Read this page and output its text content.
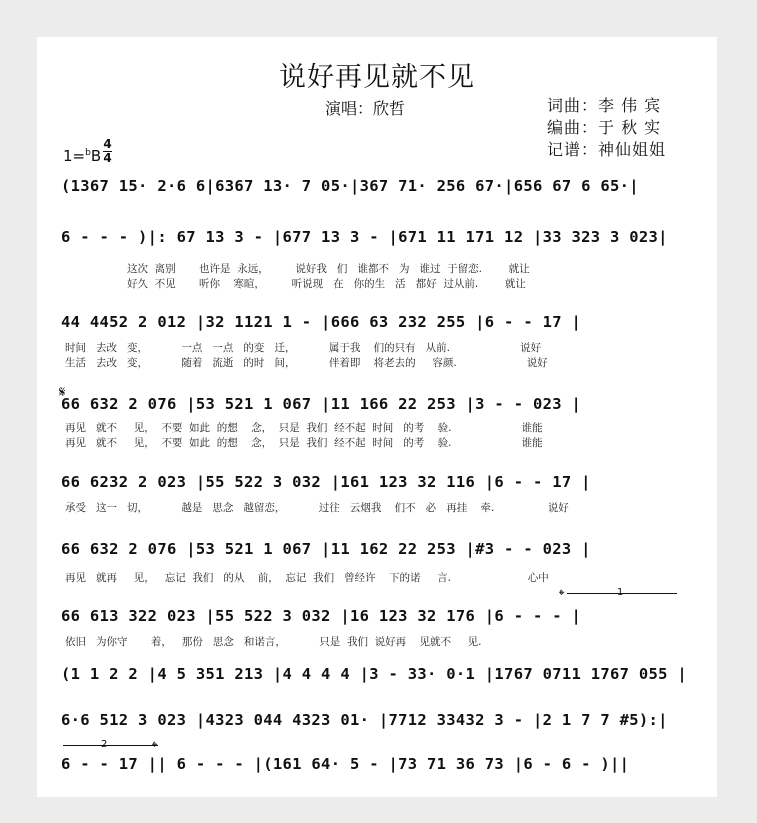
说好再见就不见
演唱：欣哲	词曲：李 伟 宾
编曲：于 秋 实
记谱：神仙姐姐
1=$^b$B
4
4
(1367 15· 2·6 6|6367 13· 7 05·|367 71· 256 67·|656 67 6 65·|
6 - - - )|: 67 13 3 - |677 13 3 - |671 11 171 12 |33 323 3 023|
这次  离别       也许是  永远，        说好我   们   谁都不   为   谁过  于留恋.        就让
好久  不见       听你    寒暄，        听说现   在   你的生   活   都好  过从前.        就让
44 4452 2 012 |32 1121 1 - |666 63 232 255 |6 - - 17 |
时间   去改   变，          一点   一点   的变   迁，          属于我    们的只有   从前.                     说好
生活   去改   变，          随着   流逝   的时   间，          伴着即    将老去的     容颜.                     说好
𝄋
66 632 2 076 |53 521 1 067 |11 166 22 253 |3 - - 023 |
再见   就不     见，  不要  如此  的想    念，  只是  我们  经不起  时间   的考    验.                     谁能
再见   就不     见，  不要  如此  的想    念，  只是  我们  经不起  时间   的考    验.                     谁能
66 6232 2 023 |55 522 3 032 |161 123 32 116 |6 - - 17 |
承受   这一   切，          越是   思念   越留恋，          过往   云烟我    们不   必   再挂    牵.                说好
66 632 2 076 |53 521 1 067 |11 162 22 253 |#3 - - 023 |
再见   就再     见，   忘记  我们   的从    前，  忘记  我们   曾经许    下的诺     言.                       心中
𝄌	1
66 613 322 023 |55 522 3 032 |16 123 32 176 |6 - - - |
依旧   为你守       着，   那份   思念   和诺言，          只是  我们  说好再    见就不     见.
(1 1 2 2 |4 5 351 213 |4 4 4 4 |3 - 33· 0·1 |1767 0711 1767 055 |
6·6 512 3 023 |4323 044 4323 01· |7712 33432 3 - |2 1 7 7 #5):|
2	𝄌
6 - - 17 || 6 - - - |(161 64· 5 - |73 71 36 73 |6 - 6 - )||
